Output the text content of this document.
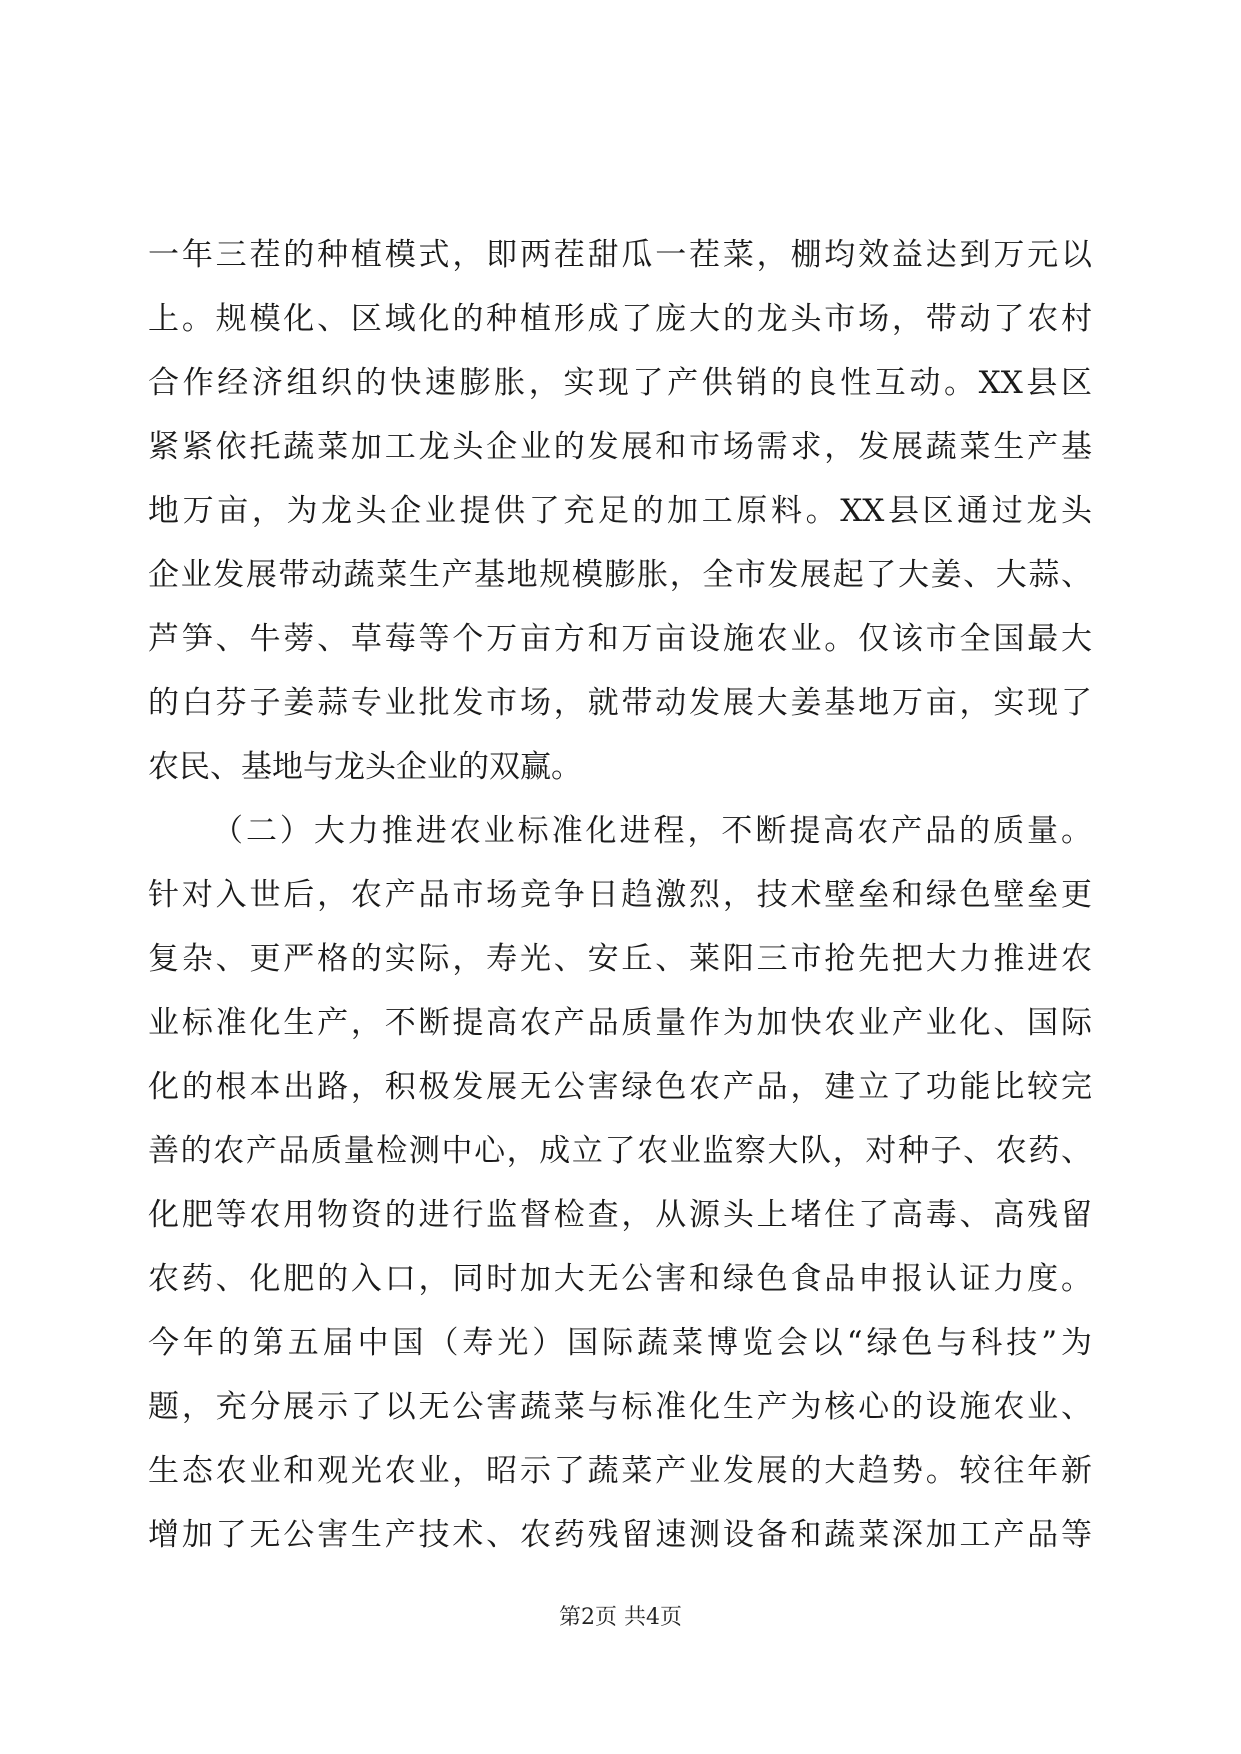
一年三茬的种植模式，即两茬甜瓜一茬菜，棚均效益达到万元以
上。规模化、区域化的种植形成了庞大的龙头市场，带动了农村
合作经济组织的快速膨胀，实现了产供销的良性互动。XX县区
紧紧依托蔬菜加工龙头企业的发展和市场需求，发展蔬菜生产基
地万亩，为龙头企业提供了充足的加工原料。XX县区通过龙头
企业发展带动蔬菜生产基地规模膨胀，全市发展起了大姜、大蒜、
芦笋、牛蒡、草莓等个万亩方和万亩设施农业。仅该市全国最大
的白芬子姜蒜专业批发市场，就带动发展大姜基地万亩，实现了
农民、基地与龙头企业的双赢。
（二）大力推进农业标准化进程，不断提高农产品的质量。
针对入世后，农产品市场竞争日趋激烈，技术壁垒和绿色壁垒更
复杂、更严格的实际，寿光、安丘、莱阳三市抢先把大力推进农
业标准化生产，不断提高农产品质量作为加快农业产业化、国际
化的根本出路，积极发展无公害绿色农产品，建立了功能比较完
善的农产品质量检测中心，成立了农业监察大队，对种子、农药、
化肥等农用物资的进行监督检查，从源头上堵住了高毒、高残留
农药、化肥的入口，同时加大无公害和绿色食品申报认证力度。
今年的第五届中国（寿光）国际蔬菜博览会以“绿色与科技”为
题，充分展示了以无公害蔬菜与标准化生产为核心的设施农业、
生态农业和观光农业，昭示了蔬菜产业发展的大趋势。较往年新
增加了无公害生产技术、农药残留速测设备和蔬菜深加工产品等
第2页 共4页
